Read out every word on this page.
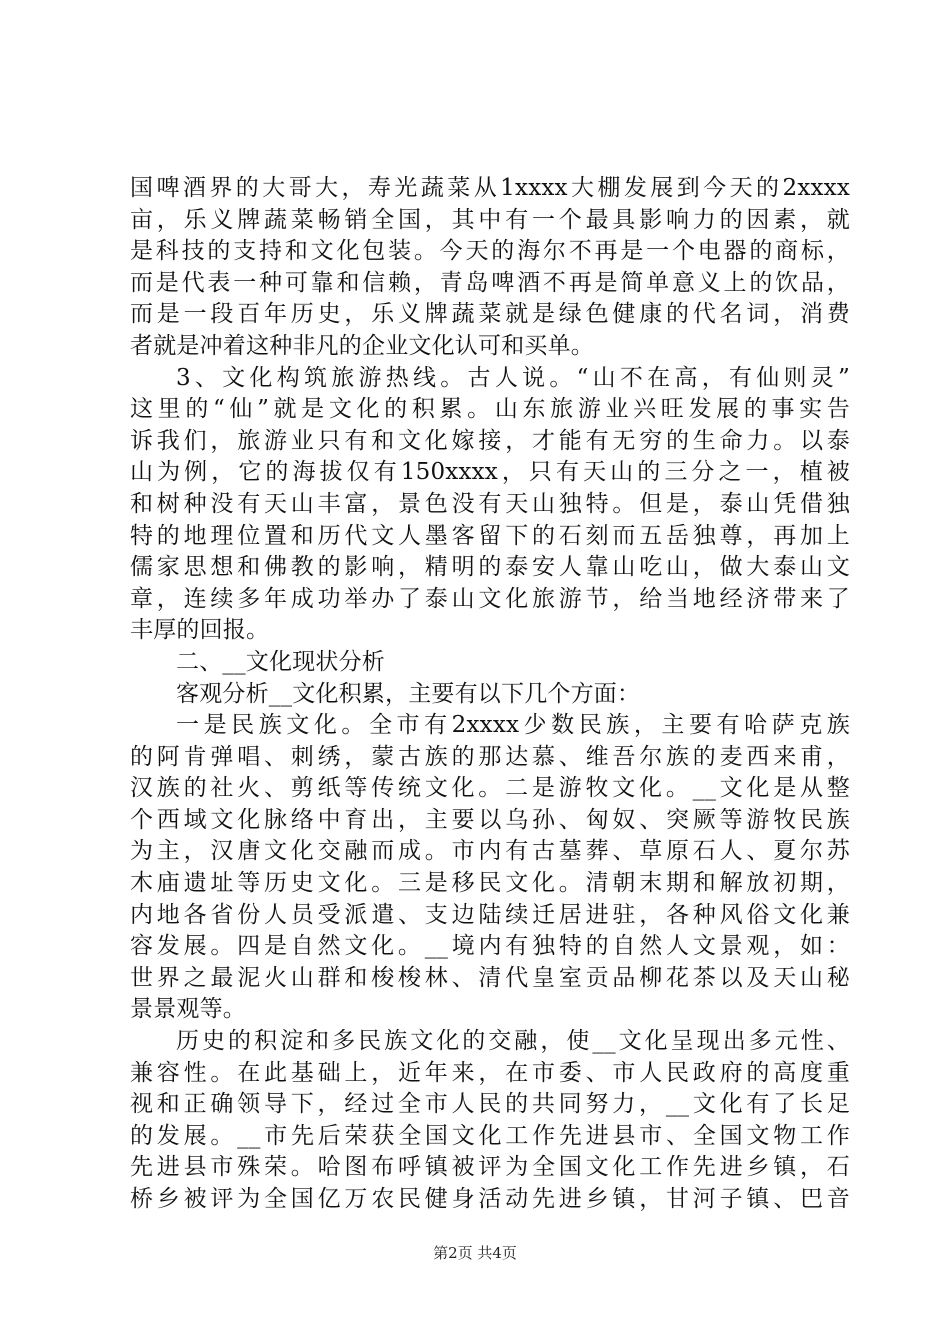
国啤酒界的大哥大，寿光蔬菜从1xxxx大棚发展到今天的2xxxx
亩，乐义牌蔬菜畅销全国，其中有一个最具影响力的因素，就
是科技的支持和文化包装。今天的海尔不再是一个电器的商标，
而是代表一种可靠和信赖，青岛啤酒不再是简单意义上的饮品，
而是一段百年历史，乐义牌蔬菜就是绿色健康的代名词，消费
者就是冲着这种非凡的企业文化认可和买单。
3、文化构筑旅游热线。古人说。“山不在高，有仙则灵”
这里的“仙”就是文化的积累。山东旅游业兴旺发展的事实告
诉我们，旅游业只有和文化嫁接，才能有无穷的生命力。以泰
山为例，它的海拔仅有150xxxx，只有天山的三分之一，植被
和树种没有天山丰富，景色没有天山独特。但是，泰山凭借独
特的地理位置和历代文人墨客留下的石刻而五岳独尊，再加上
儒家思想和佛教的影响，精明的泰安人靠山吃山，做大泰山文
章，连续多年成功举办了泰山文化旅游节，给当地经济带来了
丰厚的回报。
二、__文化现状分析
客观分析__文化积累，主要有以下几个方面：
一是民族文化。全市有2xxxx少数民族，主要有哈萨克族
的阿肯弹唱、刺绣，蒙古族的那达慕、维吾尔族的麦西来甫，
汉族的社火、剪纸等传统文化。二是游牧文化。__文化是从整
个西域文化脉络中育出，主要以乌孙、匈奴、突厥等游牧民族
为主，汉唐文化交融而成。市内有古墓葬、草原石人、夏尔苏
木庙遗址等历史文化。三是移民文化。清朝末期和解放初期，
内地各省份人员受派遣、支边陆续迁居进驻，各种风俗文化兼
容发展。四是自然文化。__境内有独特的自然人文景观，如：
世界之最泥火山群和梭梭林、清代皇室贡品柳花茶以及天山秘
景景观等。
历史的积淀和多民族文化的交融，使__文化呈现出多元性、
兼容性。在此基础上，近年来，在市委、市人民政府的高度重
视和正确领导下，经过全市人民的共同努力，__文化有了长足
的发展。__市先后荣获全国文化工作先进县市、全国文物工作
先进县市殊荣。哈图布呼镇被评为全国文化工作先进乡镇，石
桥乡被评为全国亿万农民健身活动先进乡镇，甘河子镇、巴音
第2页 共4页
